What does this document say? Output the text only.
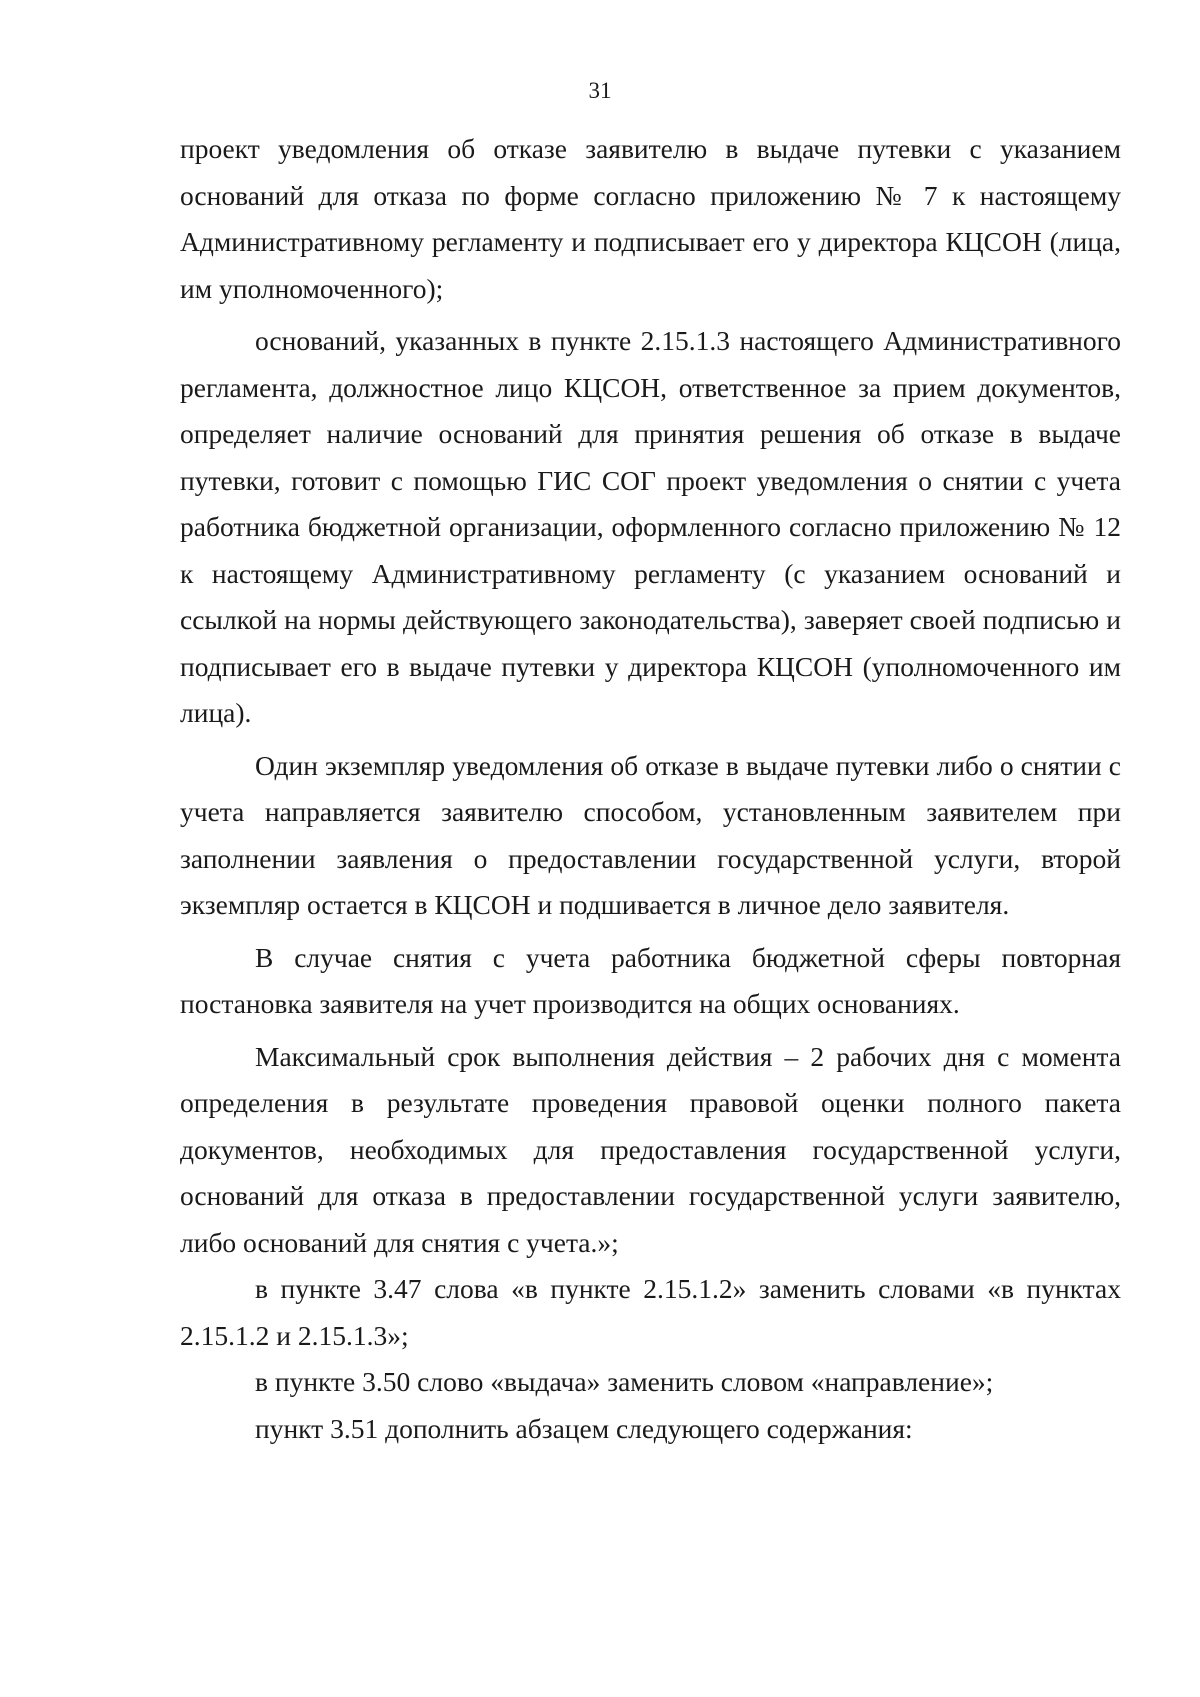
31

проект уведомления об отказе заявителю в выдаче путевки с указанием оснований для отказа по форме согласно приложению № 7 к настоящему Административному регламенту и подписывает его у директора КЦСОН (лица, им уполномоченного);

оснований, указанных в пункте 2.15.1.3 настоящего Административного регламента, должностное лицо КЦСОН, ответственное за прием документов, определяет наличие оснований для принятия решения об отказе в выдаче путевки, готовит с помощью ГИС СОГ проект уведомления о снятии с учета работника бюджетной организации, оформленного согласно приложению № 12 к настоящему Административному регламенту (с указанием оснований и ссылкой на нормы действующего законодательства), заверяет своей подписью и подписывает его в выдаче путевки у директора КЦСОН (уполномоченного им лица).

Один экземпляр уведомления об отказе в выдаче путевки либо о снятии с учета направляется заявителю способом, установленным заявителем при заполнении заявления о предоставлении государственной услуги, второй экземпляр остается в КЦСОН и подшивается в личное дело заявителя.

В случае снятия с учета работника бюджетной сферы повторная постановка заявителя на учет производится на общих основаниях.

Максимальный срок выполнения действия – 2 рабочих дня с момента определения в результате проведения правовой оценки полного пакета документов, необходимых для предоставления государственной услуги, оснований для отказа в предоставлении государственной услуги заявителю, либо оснований для снятия с учета.»;

в пункте 3.47 слова «в пункте 2.15.1.2» заменить словами «в пунктах 2.15.1.2 и 2.15.1.3»;

в пункте 3.50 слово «выдача» заменить словом «направление»;

пункт 3.51 дополнить абзацем следующего содержания:
